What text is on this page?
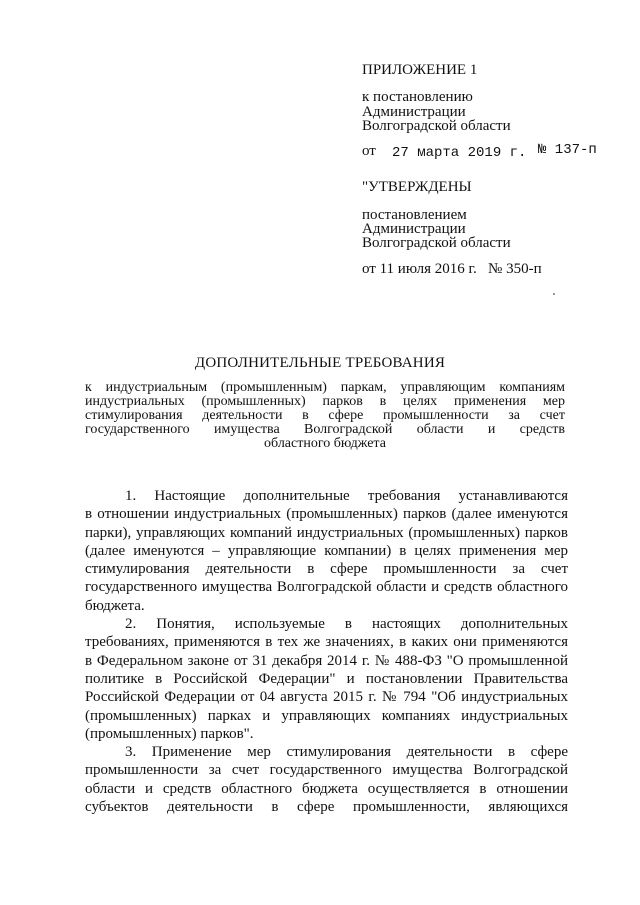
ПРИЛОЖЕНИЕ 1
к постановлению
Администрации
Волгоградской области
от 27 марта 2019 г. № 137-п
"УТВЕРЖДЕНЫ
постановлением
Администрации
Волгоградской области
от 11 июля 2016 г.   № 350-п
ДОПОЛНИТЕЛЬНЫЕ ТРЕБОВАНИЯ
к индустриальным (промышленным) паркам, управляющим компаниям
индустриальных (промышленных) парков в целях применения мер
стимулирования деятельности в сфере промышленности за счет
государственного имущества Волгоградской области и средств
областного бюджета
1. Настоящие дополнительные требования устанавливаются
в отношении индустриальных (промышленных) парков (далее именуются
парки), управляющих компаний индустриальных (промышленных) парков
(далее именуются – управляющие компании) в целях применения мер
стимулирования деятельности в сфере промышленности за счет
государственного имущества Волгоградской области и средств областного
бюджета.
2. Понятия, используемые в настоящих дополнительных
требованиях, применяются в тех же значениях, в каких они применяются
в Федеральном законе от 31 декабря 2014 г. № 488-ФЗ "О промышленной
политике в Российской Федерации" и постановлении Правительства
Российской Федерации от 04 августа 2015 г. № 794 "Об индустриальных
(промышленных) парках и управляющих компаниях индустриальных
(промышленных) парков".
3. Применение мер стимулирования деятельности в сфере
промышленности за счет государственного имущества Волгоградской
области и средств областного бюджета осуществляется в отношении
субъектов деятельности в сфере промышленности, являющихся
